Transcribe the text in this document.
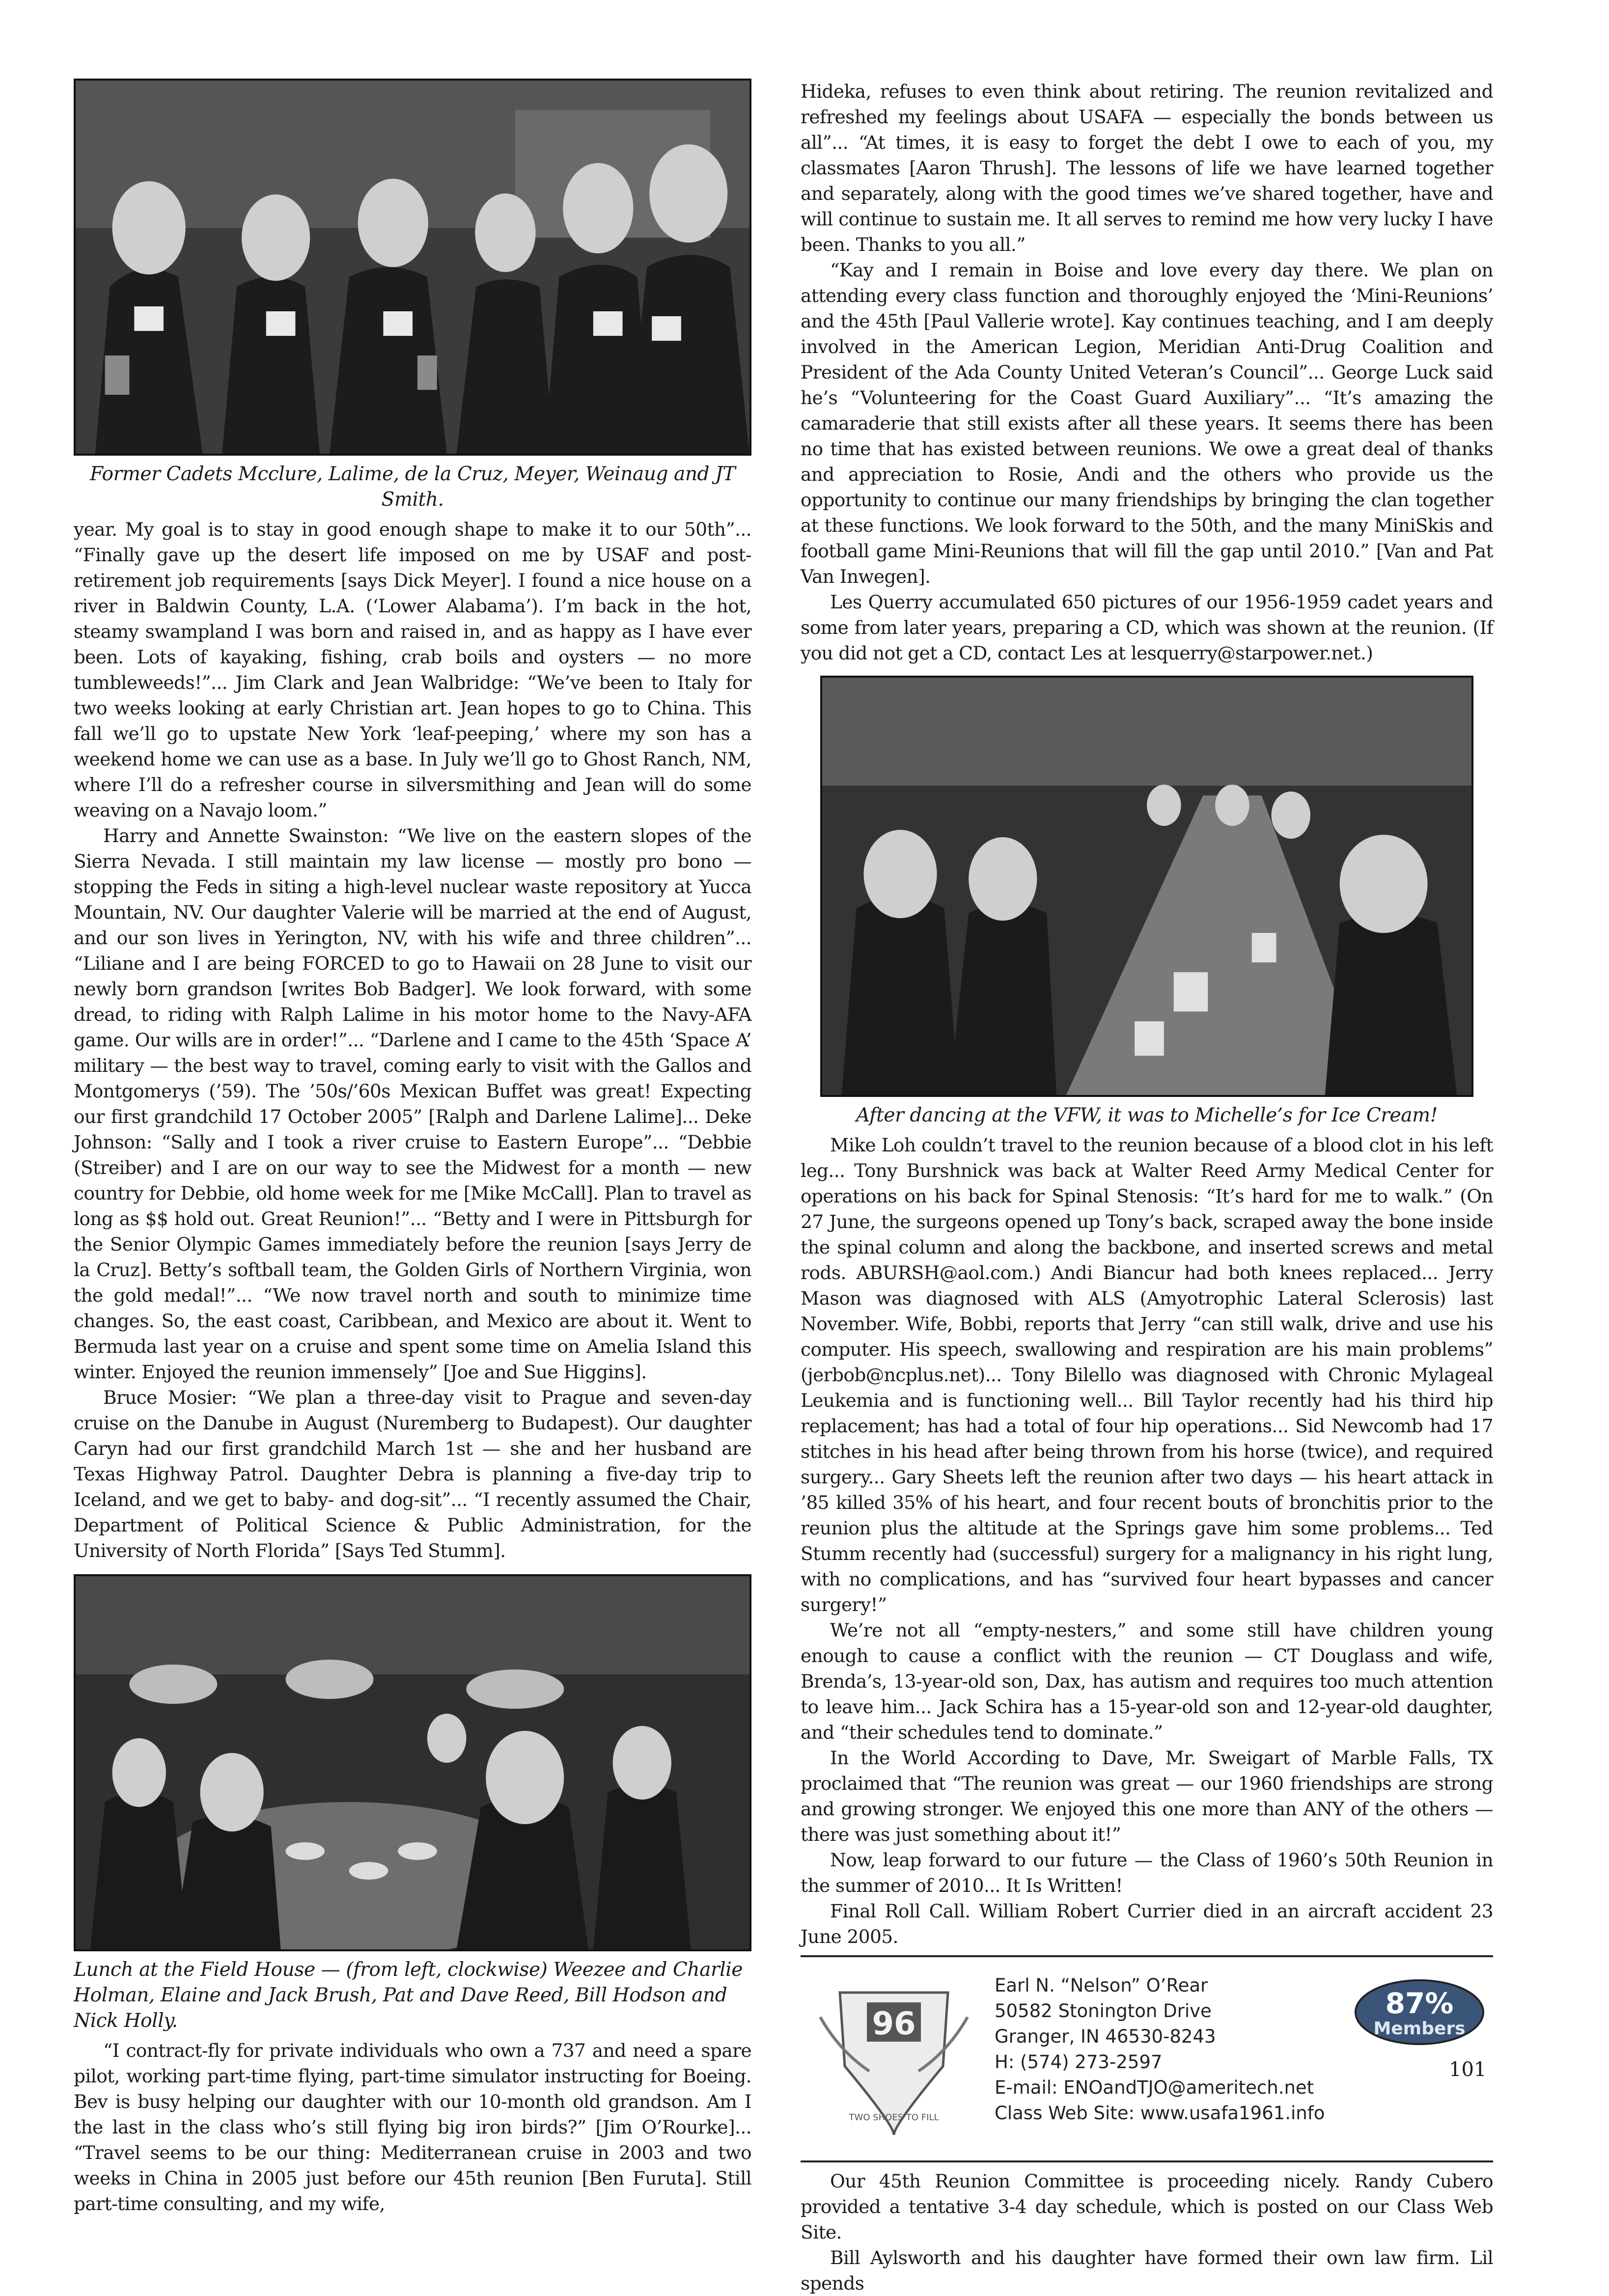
Former Cadets Mcclure, Lalime, de la Cruz, Meyer, Weinaug and JT Smith.

year. My goal is to stay in good enough shape to make it to our 50th”... “Finally gave up the desert life imposed on me by USAF and post-retirement job requirements [says Dick Meyer]. I found a nice house on a river in Baldwin County, L.A. (‘Lower Alabama’). I’m back in the hot, steamy swampland I was born and raised in, and as happy as I have ever been. Lots of kayaking, fishing, crab boils and oysters — no more tumbleweeds!”... Jim Clark and Jean Walbridge: “We’ve been to Italy for two weeks looking at early Christian art. Jean hopes to go to China. This fall we’ll go to upstate New York ‘leaf-peeping,’ where my son has a weekend home we can use as a base. In July we’ll go to Ghost Ranch, NM, where I’ll do a refresher course in silversmithing and Jean will do some weaving on a Navajo loom.”

Harry and Annette Swainston: “We live on the eastern slopes of the Sierra Nevada. I still maintain my law license — mostly pro bono — stopping the Feds in siting a high-level nuclear waste repository at Yucca Mountain, NV. Our daughter Valerie will be married at the end of August, and our son lives in Yerington, NV, with his wife and three children”... “Liliane and I are being FORCED to go to Hawaii on 28 June to visit our newly born grandson [writes Bob Badger]. We look forward, with some dread, to riding with Ralph Lalime in his motor home to the Navy-AFA game. Our wills are in order!”... “Darlene and I came to the 45th ‘Space A’ military — the best way to travel, coming early to visit with the Gallos and Montgomerys (’59). The ’50s/’60s Mexican Buffet was great! Expecting our first grandchild 17 October 2005” [Ralph and Darlene Lalime]... Deke Johnson: “Sally and I took a river cruise to Eastern Europe”... “Debbie (Streiber) and I are on our way to see the Midwest for a month — new country for Debbie, old home week for me [Mike McCall]. Plan to travel as long as $$ hold out. Great Reunion!”... “Betty and I were in Pittsburgh for the Senior Olympic Games immediately before the reunion [says Jerry de la Cruz]. Betty’s softball team, the Golden Girls of Northern Virginia, won the gold medal!”... “We now travel north and south to minimize time changes. So, the east coast, Caribbean, and Mexico are about it. Went to Bermuda last year on a cruise and spent some time on Amelia Island this winter. Enjoyed the reunion immensely” [Joe and Sue Higgins].

Bruce Mosier: “We plan a three-day visit to Prague and seven-day cruise on the Danube in August (Nuremberg to Budapest). Our daughter Caryn had our first grandchild March 1st — she and her husband are Texas Highway Patrol. Daughter Debra is planning a five-day trip to Iceland, and we get to baby- and dog-sit”... “I recently assumed the Chair, Department of Political Science & Public Administration, for the University of North Florida” [Says Ted Stumm].

Lunch at the Field House — (from left, clockwise) Weezee and Charlie Holman, Elaine and Jack Brush, Pat and Dave Reed, Bill Hodson and Nick Holly.

“I contract-fly for private individuals who own a 737 and need a spare pilot, working part-time flying, part-time simulator instructing for Boeing. Bev is busy helping our daughter with our 10-month old grandson. Am I the last in the class who’s still flying big iron birds?” [Jim O’Rourke]... “Travel seems to be our thing: Mediterranean cruise in 2003 and two weeks in China in 2005 just before our 45th reunion [Ben Furuta]. Still part-time consulting, and my wife,

Hideka, refuses to even think about retiring. The reunion revitalized and refreshed my feelings about USAFA — especially the bonds between us all”... “At times, it is easy to forget the debt I owe to each of you, my classmates [Aaron Thrush]. The lessons of life we have learned together and separately, along with the good times we’ve shared together, have and will continue to sustain me. It all serves to remind me how very lucky I have been. Thanks to you all.”

“Kay and I remain in Boise and love every day there. We plan on attending every class function and thoroughly enjoyed the ‘Mini-Reunions’ and the 45th [Paul Vallerie wrote]. Kay continues teaching, and I am deeply involved in the American Legion, Meridian Anti-Drug Coalition and President of the Ada County United Veteran’s Council”... George Luck said he’s “Volunteering for the Coast Guard Auxiliary”... “It’s amazing the camaraderie that still exists after all these years. It seems there has been no time that has existed between reunions. We owe a great deal of thanks and appreciation to Rosie, Andi and the others who provide us the opportunity to continue our many friendships by bringing the clan together at these functions. We look forward to the 50th, and the many MiniSkis and football game Mini-Reunions that will fill the gap until 2010.” [Van and Pat Van Inwegen].

Les Querry accumulated 650 pictures of our 1956-1959 cadet years and some from later years, preparing a CD, which was shown at the reunion. (If you did not get a CD, contact Les at lesquerry@starpower.net.)

After dancing at the VFW, it was to Michelle’s for Ice Cream!

Mike Loh couldn’t travel to the reunion because of a blood clot in his left leg... Tony Burshnick was back at Walter Reed Army Medical Center for operations on his back for Spinal Stenosis: “It’s hard for me to walk.” (On 27 June, the surgeons opened up Tony’s back, scraped away the bone inside the spinal column and along the backbone, and inserted screws and metal rods. ABURSH@aol.com.) Andi Biancur had both knees replaced... Jerry Mason was diagnosed with ALS (Amyotrophic Lateral Sclerosis) last November. Wife, Bobbi, reports that Jerry “can still walk, drive and use his computer. His speech, swallowing and respiration are his main problems” (jerbob@ncplus.net)... Tony Bilello was diagnosed with Chronic Mylageal Leukemia and is functioning well... Bill Taylor recently had his third hip replacement; has had a total of four hip operations... Sid Newcomb had 17 stitches in his head after being thrown from his horse (twice), and required surgery... Gary Sheets left the reunion after two days — his heart attack in ’85 killed 35% of his heart, and four recent bouts of bronchitis prior to the reunion plus the altitude at the Springs gave him some problems... Ted Stumm recently had (successful) surgery for a malignancy in his right lung, with no complications, and has “survived four heart bypasses and cancer surgery!”

We’re not all “empty-nesters,” and some still have children young enough to cause a conflict with the reunion — CT Douglass and wife, Brenda’s, 13-year-old son, Dax, has autism and requires too much attention to leave him... Jack Schira has a 15-year-old son and 12-year-old daughter, and “their schedules tend to dominate.”

In the World According to Dave, Mr. Sweigart of Marble Falls, TX proclaimed that “The reunion was great — our 1960 friendships are strong and growing stronger. We enjoyed this one more than ANY of the others — there was just something about it!”

Now, leap forward to our future — the Class of 1960’s 50th Reunion in the summer of 2010... It Is Written!

Final Roll Call. William Robert Currier died in an aircraft accident 23 June 2005.

96
TWO SHOES TO FILL
Earl N. “Nelson” O’Rear
50582 Stonington Drive
Granger, IN 46530-8243
H: (574) 273-2597
E-mail: ENOandTJO@ameritech.net
Class Web Site: www.usafa1961.info
87%
Members

Our 45th Reunion Committee is proceeding nicely. Randy Cubero provided a tentative 3-4 day schedule, which is posted on our Class Web Site.

Bill Aylsworth and his daughter have formed their own law firm. Lil spends

101
